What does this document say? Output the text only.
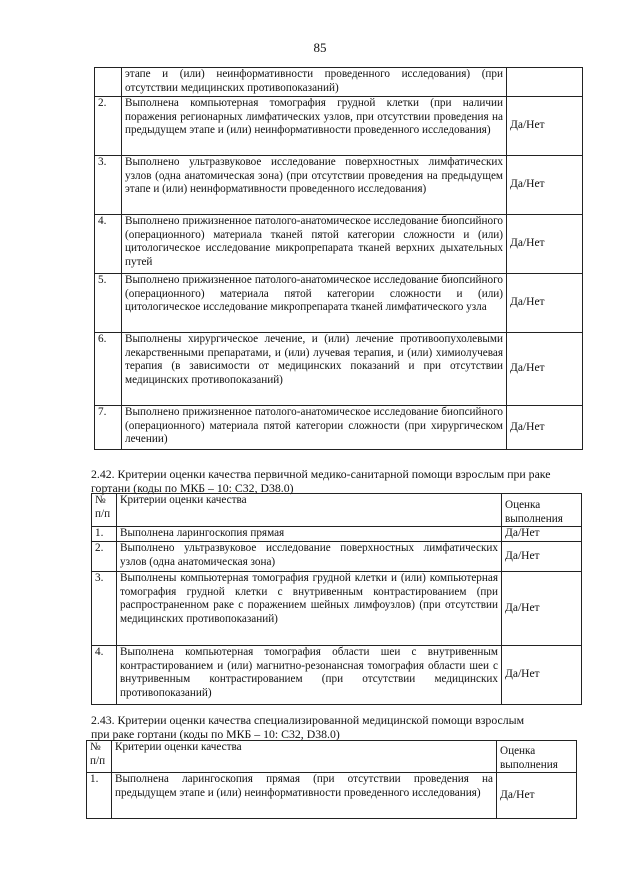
85
	этапе и (или) неинформативности проведенного исследования) (при отсутствии медицинских противопоказаний)	
2.	Выполнена компьютерная томография грудной клетки (при наличии поражения регионарных лимфатических узлов, при отсутствии проведения на предыдущем этапе и (или) неинформативности проведенного исследования)	Да/Нет
3.	Выполнено ультразвуковое исследование поверхностных лимфатических узлов (одна анатомическая зона) (при отсутствии проведения на предыдущем этапе и (или) неинформативности проведенного исследования)	Да/Нет
4.	Выполнено прижизненное патолого-анатомическое исследование биопсийного (операционного) материала тканей пятой категории сложности и (или) цитологическое исследование микропрепарата тканей верхних дыхательных путей	Да/Нет
5.	Выполнено прижизненное патолого-анатомическое исследование биопсийного (операционного) материала пятой категории сложности и (или) цитологическое исследование микропрепарата тканей лимфатического узла	Да/Нет
6.	Выполнены хирургическое лечение, и (или) лечение противоопухолевыми лекарственными препаратами, и (или) лучевая терапия, и (или) химиолучевая терапия (в зависимости от медицинских показаний и при отсутствии медицинских противопоказаний)	Да/Нет
7.	Выполнено прижизненное патолого-анатомическое исследование биопсийного (операционного) материала пятой категории сложности (при хирургическом лечении)	Да/Нет
2.42. Критерии оценки качества первичной медико-санитарной помощи взрослым при раке
гортани (коды по МКБ – 10: С32, D38.0)
№ п/п	Критерии оценки качества	Оценка выполнения
1.	Выполнена ларингоскопия прямая	Да/Нет
2.	Выполнено ультразвуковое исследование поверхностных лимфатических узлов (одна анатомическая зона)	Да/Нет
3.	Выполнены компьютерная томография грудной клетки и (или) компьютерная томография грудной клетки с внутривенным контрастированием (при распространенном раке с поражением шейных лимфоузлов) (при отсутствии медицинских противопоказаний)	Да/Нет
4.	Выполнена компьютерная томография области шеи с внутривенным контрастированием и (или) магнитно-резонансная томография области шеи с внутривенным контрастированием (при отсутствии медицинских противопоказаний)	Да/Нет
2.43. Критерии оценки качества специализированной медицинской помощи взрослым
при раке гортани (коды по МКБ – 10: С32, D38.0)
№ п/п	Критерии оценки качества	Оценка выполнения
1.	Выполнена ларингоскопия прямая (при отсутствии проведения на предыдущем этапе и (или) неинформативности проведенного исследования)	Да/Нет
